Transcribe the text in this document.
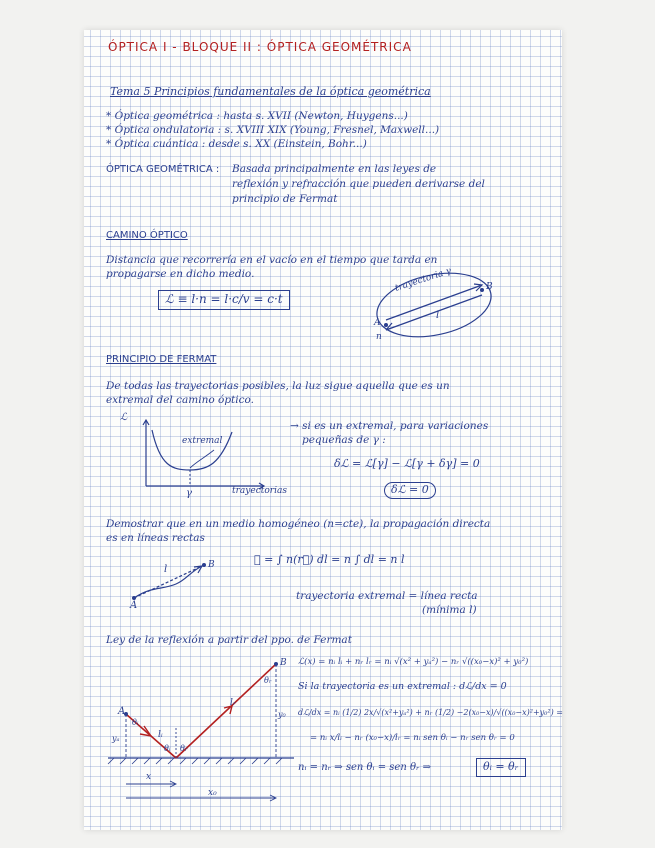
ÓPTICA I - BLOQUE II : ÓPTICA GEOMÉTRICA
Tema 5 Principios fundamentales de la óptica geométrica
* Óptica geométrica : hasta s. XVII (Newton, Huygens...)
* Óptica ondulatoria : s. XVIII XIX (Young, Fresnel, Maxwell...)
* Óptica cuántica : desde s. XX (Einstein, Bohr...)
ÓPTICA GEOMÉTRICA : Basada principalmente en las leyes de
reflexión y refracción que pueden derivarse del
principio de Fermat
CAMINO ÓPTICO
Distancia que recorrería en el vacío en el tiempo que tarda en
propagarse en dicho medio.
ℒ ≡ l·n = l·c/v = c·t
trayectoria γ
A
B
l
n
PRINCIPIO DE FERMAT
De todas las trayectorias posibles, la luz sigue aquella que es un
extremal del camino óptico.
ℒ
trayectorias
extremal
γ
→ si es un extremal, para variaciones
pequeñas de γ :
δℒ = ℒ[γ] − ℒ[γ + δγ] = 0
δℒ = 0
Demostrar que en un medio homogéneo (n=cte), la propagación directa
es en líneas rectas
ℒ = ∫ n(r⃗) dl = n ∫ dl = n l
A
B
l
trayectoria extremal = línea recta
(mínima l)
Ley de la reflexión a partir del ppo. de Fermat
A
B
lᵢ
lᵣ
yₐ
y₀
θᵢ
θᵣ
θᵢ θᵣ
x
x₀
ℒ(x) = nᵢ lᵢ + nᵣ lᵣ = nᵢ √(x² + yₐ²) − nᵣ √((x₀−x)² + y₀²)
Si la trayectoria es un extremal : dℒ/dx = 0
dℒ/dx = nᵢ (1/2) 2x/√(x²+yₐ²) + nᵣ (1/2) −2(x₀−x)/√((x₀−x)²+y₀²) =
= nᵢ x/lᵢ − nᵣ (x₀−x)/lᵣ = nᵢ sen θᵢ − nᵣ sen θᵣ = 0
nᵢ = nᵣ ⇒ sen θᵢ = sen θᵣ ⇒	θᵢ = θᵣ
